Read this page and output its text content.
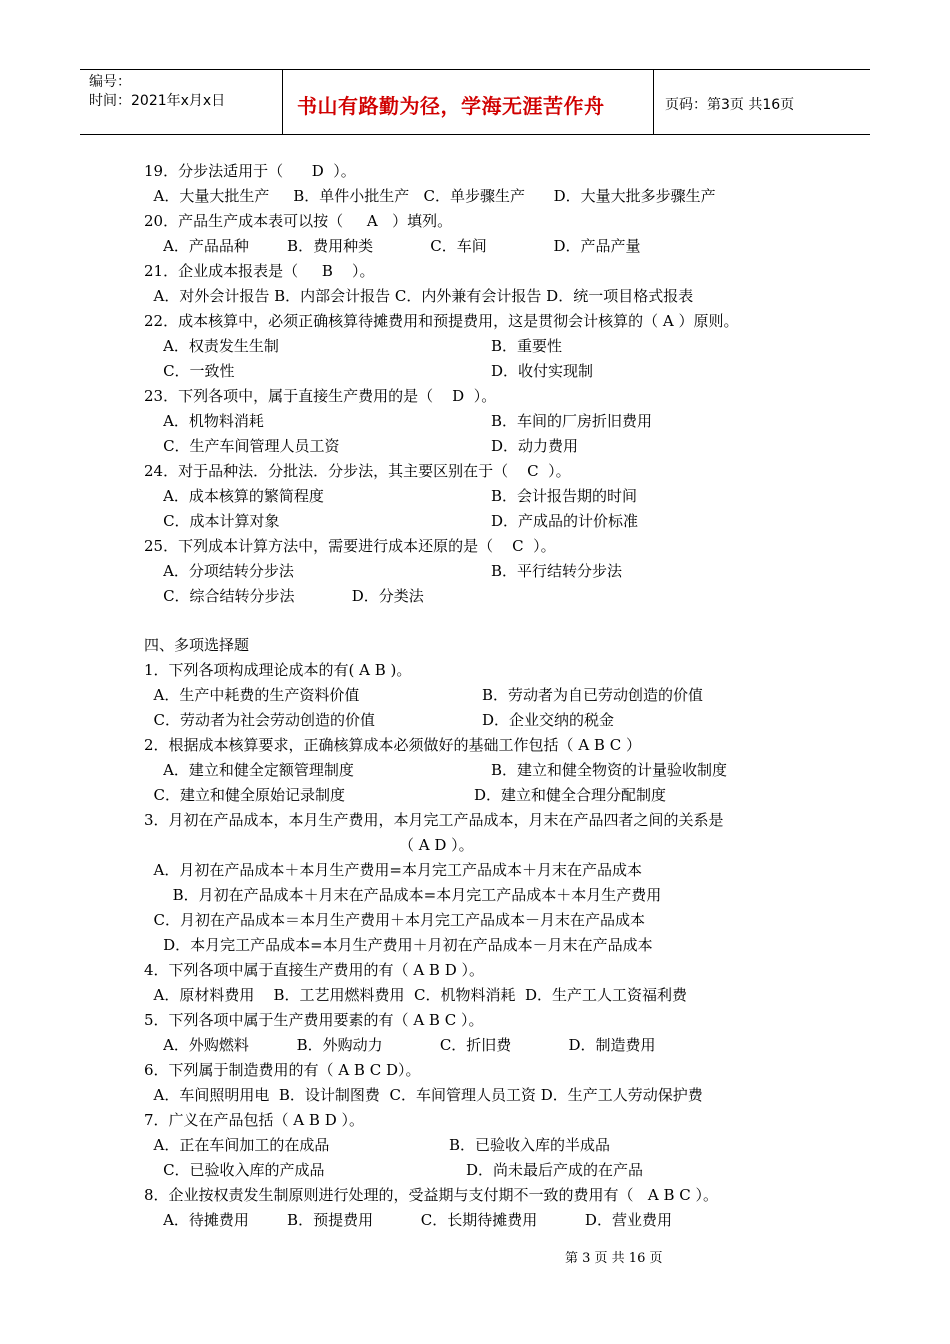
编号：
时间：2021年x月x日	书山有路勤为径，学海无涯苦作舟	页码：第3页 共16页
19．分步法适用于（      D  ）。
A．大量大批生产     B．单件小批生产   C．单步骤生产      D．大量大批多步骤生产
20．产品生产成本表可以按（     A   ）填列。
A．产品品种        B．费用种类            C．车间              D．产品产量
21．企业成本报表是（     B    ）。
A．对外会计报告 B．内部会计报告 C．内外兼有会计报告 D．统一项目格式报表
22．成本核算中，必须正确核算待摊费用和预提费用，这是贯彻会计核算的（ A ）原则。
A．权责发生生制	B．重要性
C．一致性	D．收付实现制
23．下列各项中，属于直接生产费用的是（    D  ）。
A．机物料消耗	B．车间的厂房折旧费用
C．生产车间管理人员工资	D．动力费用
24．对于品种法．分批法．分步法，其主要区别在于（    C  ）。
A．成本核算的繁简程度	B．会计报告期的时间
C．成本计算对象	D．产成品的计价标准
25．下列成本计算方法中，需要进行成本还原的是（    C  ）。
A．分项结转分步法	B．平行结转分步法
C．综合结转分步法            D．分类法
四、多项选择题
1．下列各项构成理论成本的有( A B )。
A．生产中耗费的生产资料价值	B．劳动者为自已劳动创造的价值
C．劳动者为社会劳动创造的价值	D．企业交纳的税金
2．根据成本核算要求，正确核算成本必须做好的基础工作包括（ A B C ）
A．建立和健全定额管理制度	B．建立和健全物资的计量验收制度
C．建立和健全原始记录制度	D．建立和健全合理分配制度
3．月初在产品成本，本月生产费用，本月完工产品成本，月末在产品四者之间的关系是
（ A D ）。
A．月初在产品成本＋本月生产费用=本月完工产品成本＋月末在产品成本
B．月初在产品成本＋月末在产品成本=本月完工产品成本＋本月生产费用
C．月初在产品成本＝本月生产费用＋本月完工产品成本－月末在产品成本
D．本月完工产品成本=本月生产费用＋月初在产品成本－月末在产品成本
4．下列各项中属于直接生产费用的有（ A B D ）。
A．原材料费用    B．工艺用燃料费用  C．机物料消耗  D．生产工人工资福利费
5．下列各项中属于生产费用要素的有（ A B C ）。
A．外购燃料          B．外购动力            C．折旧费            D．制造费用
6．下列属于制造费用的有（ A B C D）。
A．车间照明用电  B．设计制图费  C．车间管理人员工资 D．生产工人劳动保护费
7．广义在产品包括（ A B D ）。
A．正在车间加工的在成品	B．已验收入库的半成品
C．已验收入库的产成品	D．尚未最后产成的在产品
8．企业按权责发生制原则进行处理的，受益期与支付期不一致的费用有（   A B C ）。
A．待摊费用        B．预提费用          C．长期待摊费用          D．营业费用
第 3 页 共 16 页
